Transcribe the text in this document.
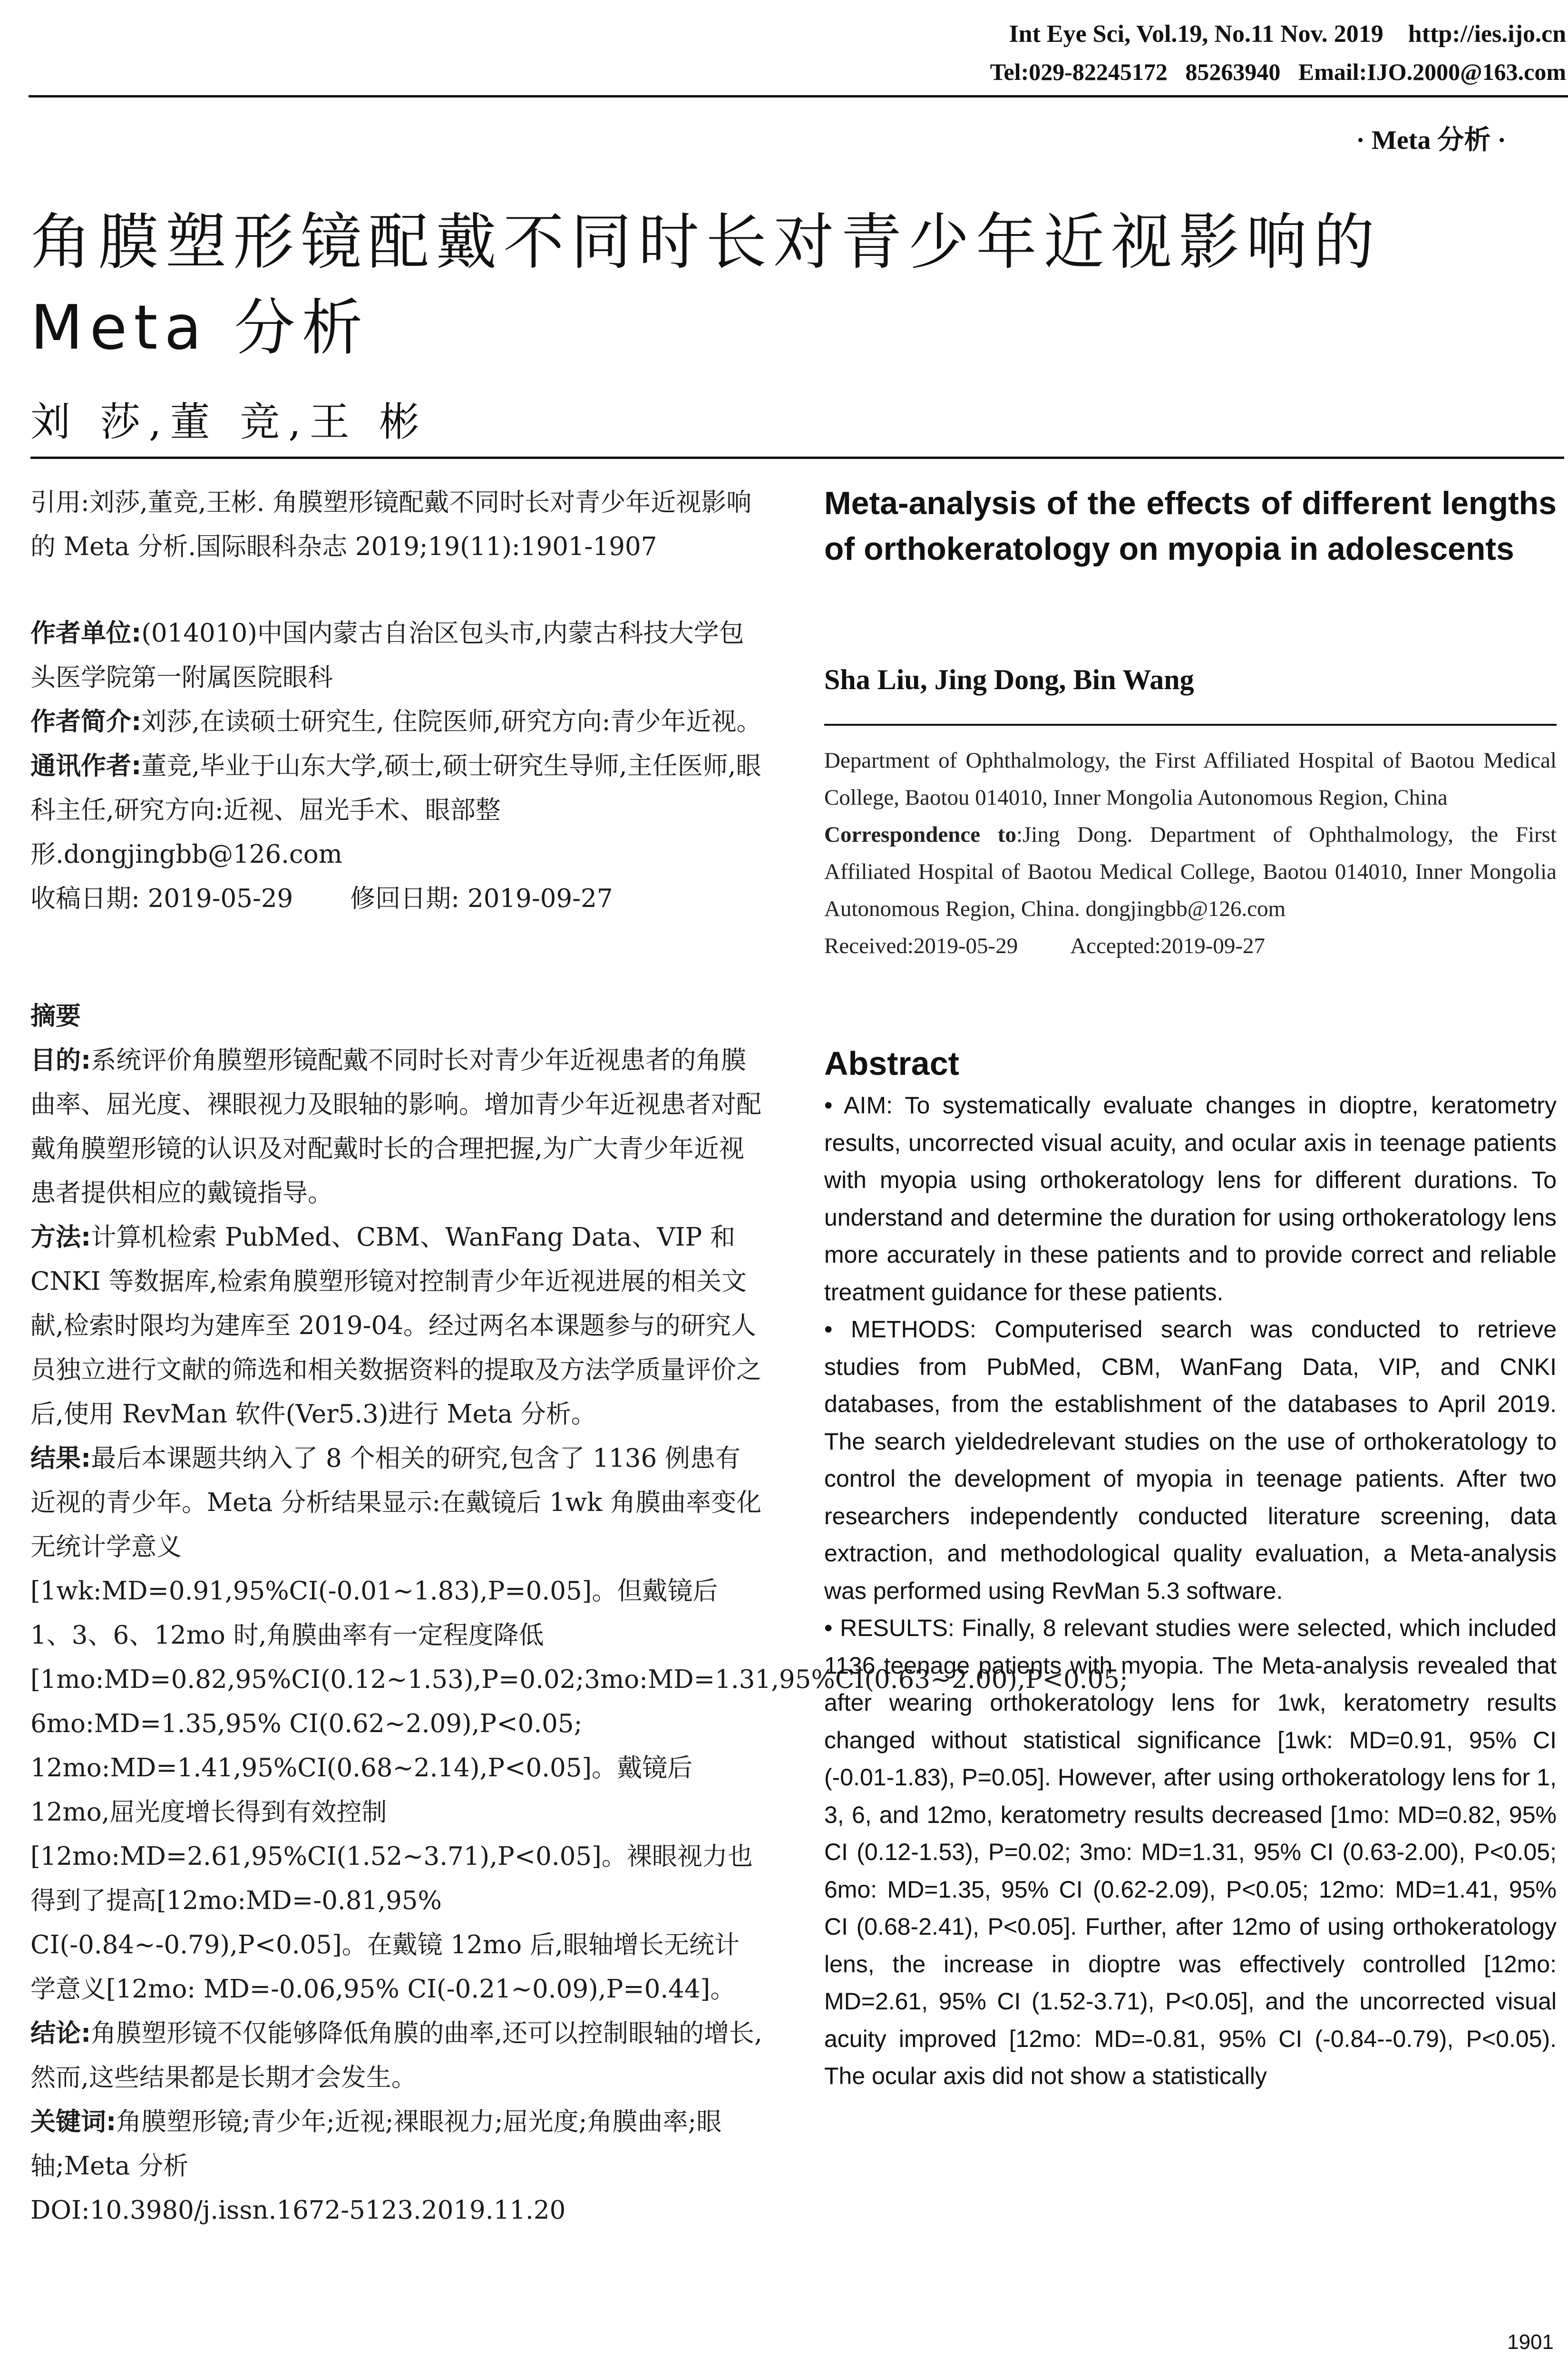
Int Eye Sci, Vol.19, No.11 Nov. 2019    http://ies.ijo.cn
Tel:029-82245172   85263940   Email:IJO.2000@163.com
· Meta 分析 ·
角膜塑形镜配戴不同时长对青少年近视影响的 Meta 分析
刘 莎,董 竞,王 彬

引用:刘莎,董竞,王彬. 角膜塑形镜配戴不同时长对青少年近视影响的 Meta 分析.国际眼科杂志 2019;19(11):1901-1907

作者单位:(014010)中国内蒙古自治区包头市,内蒙古科技大学包头医学院第一附属医院眼科

作者简介:刘莎,在读硕士研究生, 住院医师,研究方向:青少年近视。

通讯作者:董竞,毕业于山东大学,硕士,硕士研究生导师,主任医师,眼科主任,研究方向:近视、屈光手术、眼部整形.dongjingbb@126.com

收稿日期: 2019-05-29 修回日期: 2019-09-27

摘要

目的:系统评价角膜塑形镜配戴不同时长对青少年近视患者的角膜曲率、屈光度、裸眼视力及眼轴的影响。增加青少年近视患者对配戴角膜塑形镜的认识及对配戴时长的合理把握,为广大青少年近视患者提供相应的戴镜指导。

方法:计算机检索 PubMed、CBM、WanFang Data、VIP 和 CNKI 等数据库,检索角膜塑形镜对控制青少年近视进展的相关文献,检索时限均为建库至 2019-04。经过两名本课题参与的研究人员独立进行文献的筛选和相关数据资料的提取及方法学质量评价之后,使用 RevMan 软件(Ver5.3)进行 Meta 分析。

结果:最后本课题共纳入了 8 个相关的研究,包含了 1136 例患有近视的青少年。Meta 分析结果显示:在戴镜后 1wk 角膜曲率变化无统计学意义[1wk:MD=0.91,95%CI(-0.01~1.83),P=0.05]。但戴镜后 1、3、6、12mo 时,角膜曲率有一定程度降低[1mo:MD=0.82,95%CI(0.12~1.53),P=0.02;3mo:MD=1.31,95%CI(0.63~2.00),P<0.05; 6mo:MD=1.35,95% CI(0.62~2.09),P<0.05; 12mo:MD=1.41,95%CI(0.68~2.14),P<0.05]。戴镜后 12mo,屈光度增长得到有效控制[12mo:MD=2.61,95%CI(1.52~3.71),P<0.05]。裸眼视力也得到了提高[12mo:MD=-0.81,95% CI(-0.84~-0.79),P<0.05]。在戴镜 12mo 后,眼轴增长无统计学意义[12mo: MD=-0.06,95% CI(-0.21~0.09),P=0.44]。

结论:角膜塑形镜不仅能够降低角膜的曲率,还可以控制眼轴的增长,然而,这些结果都是长期才会发生。

关键词:角膜塑形镜;青少年;近视;裸眼视力;屈光度;角膜曲率;眼轴;Meta 分析

DOI:10.3980/j.issn.1672-5123.2019.11.20

Meta-analysis of the effects of different lengths of orthokeratology on myopia in adolescents
Sha Liu, Jing Dong, Bin Wang

Department of Ophthalmology, the First Affiliated Hospital of Baotou Medical College, Baotou 014010, Inner Mongolia Autonomous Region, China

Correspondence to:Jing Dong. Department of Ophthalmology, the First Affiliated Hospital of Baotou Medical College, Baotou 014010, Inner Mongolia Autonomous Region, China. dongjingbb@126.com

Received:2019-05-29 Accepted:2019-09-27

Abstract

• AIM: To systematically evaluate changes in dioptre, keratometry results, uncorrected visual acuity, and ocular axis in teenage patients with myopia using orthokeratology lens for different durations. To understand and determine the duration for using orthokeratology lens more accurately in these patients and to provide correct and reliable treatment guidance for these patients.

• METHODS: Computerised search was conducted to retrieve studies from PubMed, CBM, WanFang Data, VIP, and CNKI databases, from the establishment of the databases to April 2019. The search yieldedrelevant studies on the use of orthokeratology to control the development of myopia in teenage patients. After two researchers independently conducted literature screening, data extraction, and methodological quality evaluation, a Meta-analysis was performed using RevMan 5.3 software.

• RESULTS: Finally, 8 relevant studies were selected, which included 1136 teenage patients with myopia. The Meta-analysis revealed that after wearing orthokeratology lens for 1wk, keratometry results changed without statistical significance [1wk: MD=0.91, 95% CI (-0.01-1.83), P=0.05]. However, after using orthokeratology lens for 1, 3, 6, and 12mo, keratometry results decreased [1mo: MD=0.82, 95% CI (0.12-1.53), P=0.02; 3mo: MD=1.31, 95% CI (0.63-2.00), P<0.05; 6mo: MD=1.35, 95% CI (0.62-2.09), P<0.05; 12mo: MD=1.41, 95% CI (0.68-2.41), P<0.05]. Further, after 12mo of using orthokeratology lens, the increase in dioptre was effectively controlled [12mo: MD=2.61, 95% CI (1.52-3.71), P<0.05], and the uncorrected visual acuity improved [12mo: MD=-0.81, 95% CI (-0.84--0.79), P<0.05). The ocular axis did not show a statistically

1901
